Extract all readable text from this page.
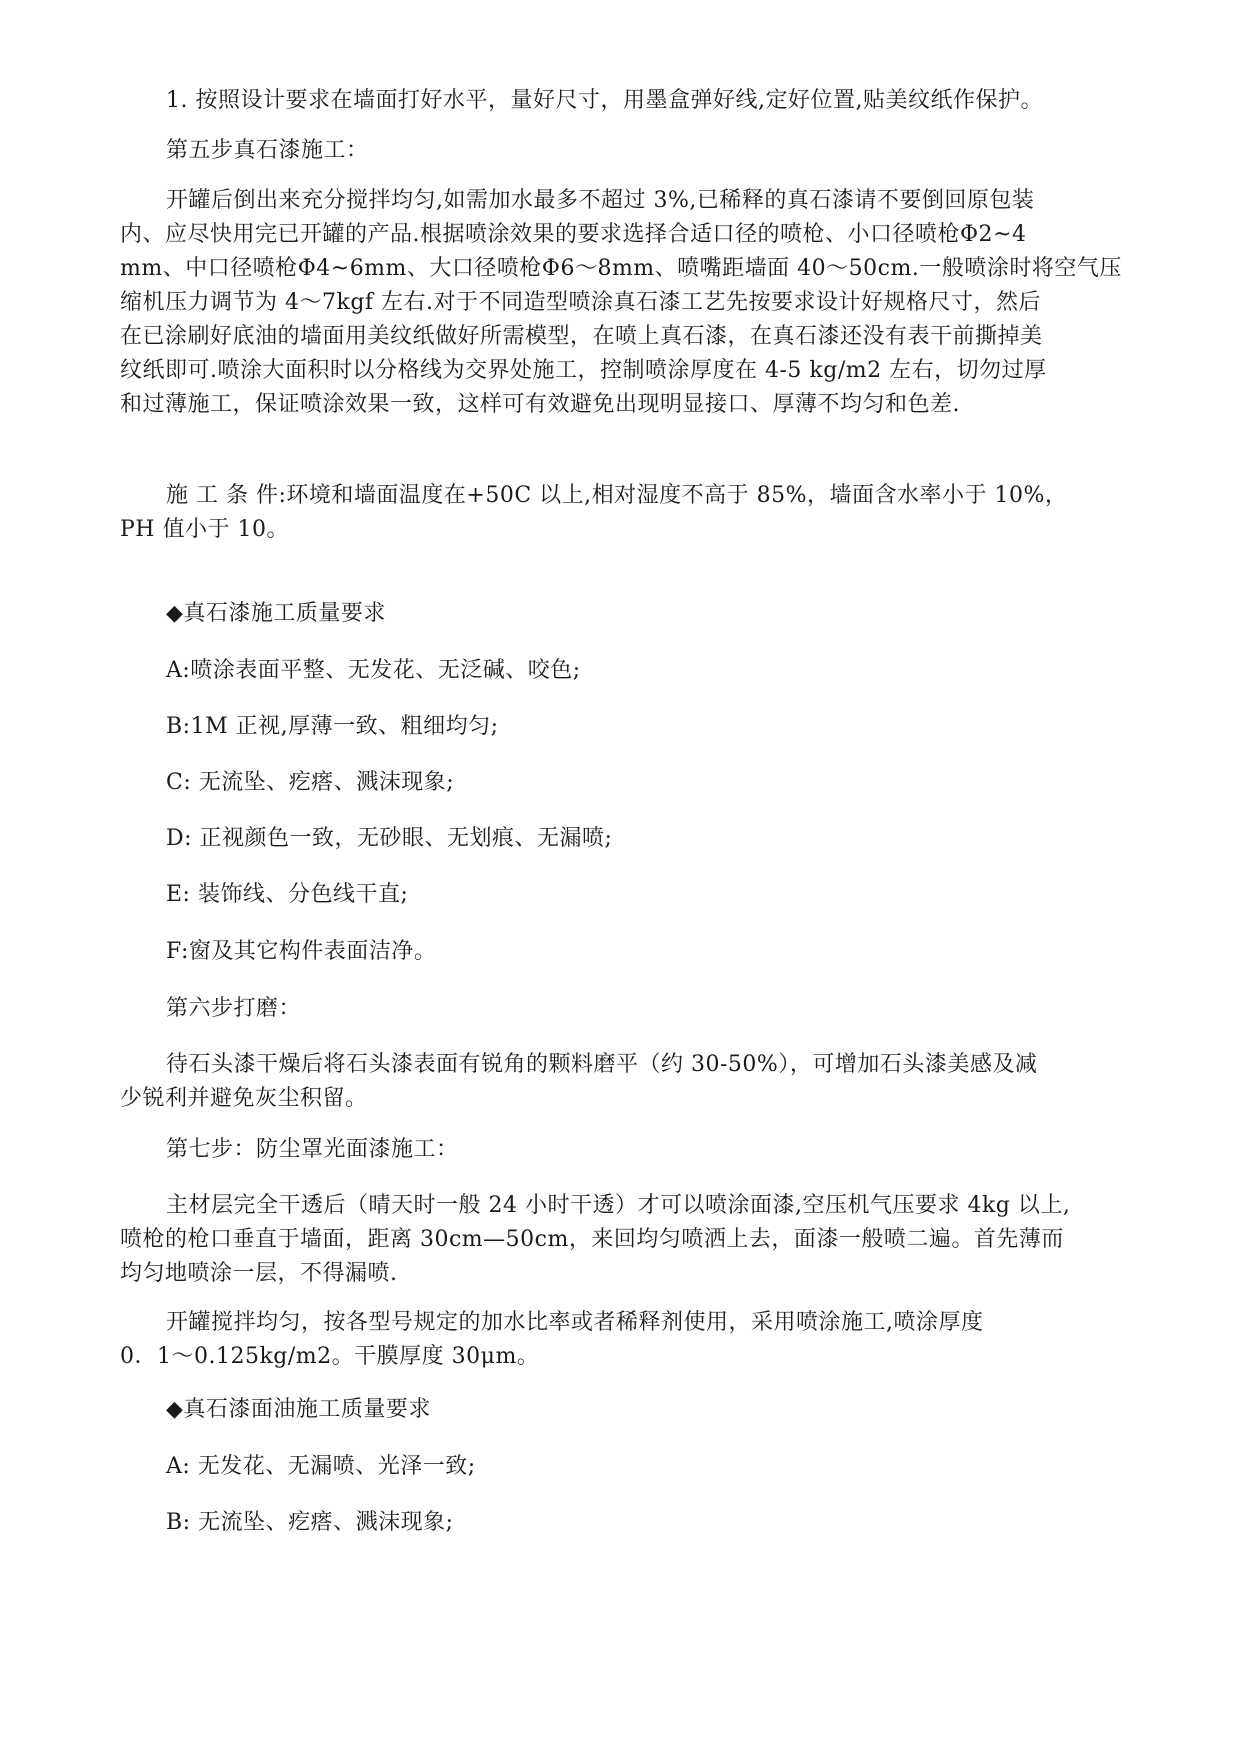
1. 按照设计要求在墙面打好水平，量好尺寸，用墨盒弹好线,定好位置,贴美纹纸作保护。
第五步真石漆施工：
开罐后倒出来充分搅拌均匀,如需加水最多不超过 3%,已稀释的真石漆请不要倒回原包装
内、应尽快用完已开罐的产品.根据喷涂效果的要求选择合适口径的喷枪、小口径喷枪Φ2~4
mm、中口径喷枪Φ4~6mm、大口径喷枪Φ6～8mm、喷嘴距墙面 40～50cm.一般喷涂时将空气压
缩机压力调节为 4～7kgf 左右.对于不同造型喷涂真石漆工艺先按要求设计好规格尺寸，然后
在已涂刷好底油的墙面用美纹纸做好所需模型，在喷上真石漆，在真石漆还没有表干前撕掉美
纹纸即可.喷涂大面积时以分格线为交界处施工，控制喷涂厚度在 4-5 kg/m2 左右，切勿过厚
和过薄施工，保证喷涂效果一致，这样可有效避免出现明显接口、厚薄不均匀和色差.
施 工 条 件:环境和墙面温度在+50C 以上,相对湿度不高于 85%，墙面含水率小于 10%，
PH 值小于 10。
◆真石漆施工质量要求
A:喷涂表面平整、无发花、无泛碱、咬色;
B:1M 正视,厚薄一致、粗细均匀;
C: 无流坠、疙瘩、溅沫现象;
D: 正视颜色一致，无砂眼、无划痕、无漏喷;
E: 装饰线、分色线干直;
F:窗及其它构件表面洁净。
第六步打磨：
待石头漆干燥后将石头漆表面有锐角的颗料磨平（约 30-50%），可增加石头漆美感及减
少锐利并避免灰尘积留。
第七步：防尘罩光面漆施工：
主材层完全干透后（晴天时一般 24 小时干透）才可以喷涂面漆,空压机气压要求 4kg 以上,
喷枪的枪口垂直于墙面，距离 30cm—50cm，来回均匀喷洒上去，面漆一般喷二遍。首先薄而
均匀地喷涂一层，不得漏喷.
开罐搅拌均匀，按各型号规定的加水比率或者稀释剂使用，采用喷涂施工,喷涂厚度
0．1～0.125kg/m2。干膜厚度 30μm。
◆真石漆面油施工质量要求
A: 无发花、无漏喷、光泽一致;
B: 无流坠、疙瘩、溅沫现象;
